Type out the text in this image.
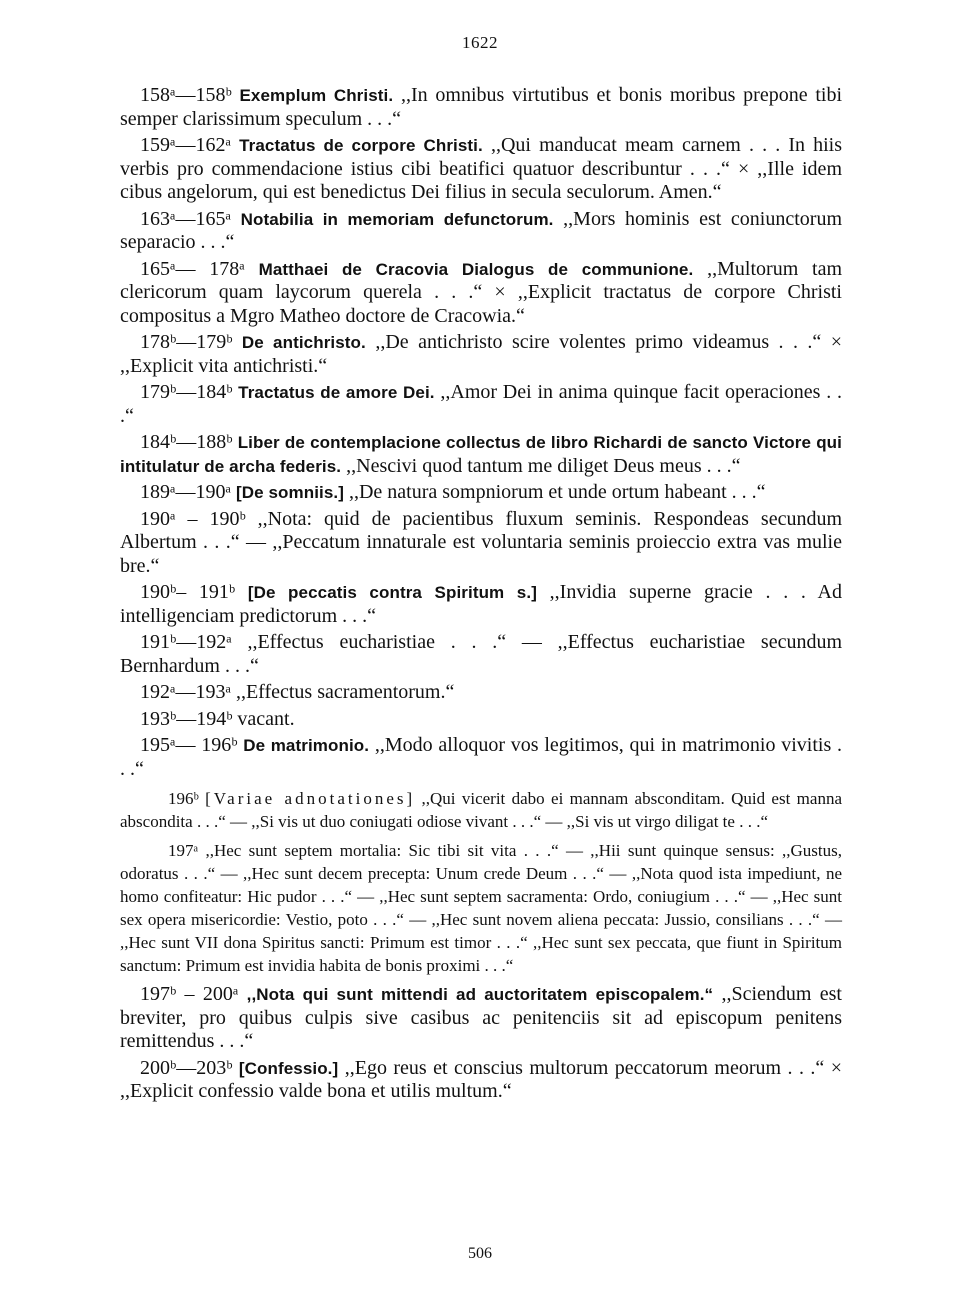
1622

158ᵃ—158ᵇ Exemplum Christi. ,,In omnibus virtutibus et bonis moribus prepone tibi semper clarissimum speculum . . .“

159ᵃ—162ᵃ Tractatus de corpore Christi. ,,Qui manducat meam carnem . . . In hiis verbis pro commendacione istius cibi beatifici quatuor describuntur . . .“ × ,,Ille idem cibus angelorum, qui est benedictus Dei filius in secula seculorum. Amen.“

163ᵃ—165ᵃ Notabilia in memoriam defunctorum. ,,Mors hominis est coniunctorum separacio . . .“

165ᵃ— 178ᵃ Matthaei de Cracovia Dialogus de communione. ,,Multorum tam clericorum quam laycorum querela . . .“ × ,,Explicit tractatus de corpore Christi compositus a Mgro Matheo doctore de Cracowia.“

178ᵇ—179ᵇ De antichristo. ,,De antichristo scire volentes primo videamus . . .“ × ,,Explicit vita antichristi.“

179ᵇ—184ᵇ Tractatus de amore Dei. ,,Amor Dei in anima quinque facit operaciones . . .“

184ᵇ—188ᵇ Liber de contemplacione collectus de libro Richardi de sancto Victore qui intitulatur de archa federis. ,,Nescivi quod tantum me diliget Deus meus . . .“

189ᵃ—190ᵃ [De somniis.] ,,De natura sompniorum et unde ortum habeant . . .“

190ᵃ – 190ᵇ ,,Nota: quid de pacientibus fluxum seminis. Respondeas secundum Albertum . . .“ — ,,Peccatum innaturale est voluntaria seminis proieccio extra vas mulie bre.“

190ᵇ– 191ᵇ [De peccatis contra Spiritum s.] ,,Invidia superne gracie . . . Ad intelligenciam predictorum . . .“

191ᵇ—192ᵃ ,,Effectus eucharistiae . . .“ — ,,Effectus eucharistiae secundum Bernhardum . . .“

192ᵃ—193ᵃ ,,Effectus sacramentorum.“

193ᵇ—194ᵇ vacant.

195ᵃ— 196ᵇ De matrimonio. ,,Modo alloquor vos legitimos, qui in matrimonio vivitis . . .“

196ᵇ [Variae adnotationes] ,,Qui vicerit dabo ei mannam absconditam. Quid est manna abscondita . . .“ — ,,Si vis ut duo coniugati odiose vivant . . .“ — ,,Si vis ut virgo diligat te . . .“

197ᵃ ,,Hec sunt septem mortalia: Sic tibi sit vita . . .“ — ,,Hii sunt quinque sensus: ,,Gustus, odoratus . . .“ — ,,Hec sunt decem precepta: Unum crede Deum . . .“ — ,,Nota quod ista impediunt, ne homo confiteatur: Hic pudor . . .“ — ,,Hec sunt septem sacramenta: Ordo, coniugium . . .“ — ,,Hec sunt sex opera misericordie: Vestio, poto . . .“ — ,,Hec sunt novem aliena peccata: Jussio, consilians . . .“ — ,,Hec sunt VII dona Spiritus sancti: Primum est timor . . .“ ,,Hec sunt sex peccata, que fiunt in Spiritum sanctum: Primum est invidia habita de bonis proximi . . .“

197ᵇ – 200ᵃ ,,Nota qui sunt mittendi ad auctoritatem episcopalem.“ ,,Sciendum est breviter, pro quibus culpis sive casibus ac penitenciis sit ad episcopum penitens remittendus . . .“

200ᵇ—203ᵇ [Confessio.] ,,Ego reus et conscius multorum peccatorum meorum . . .“ × ,,Explicit confessio valde bona et utilis multum.“

506
